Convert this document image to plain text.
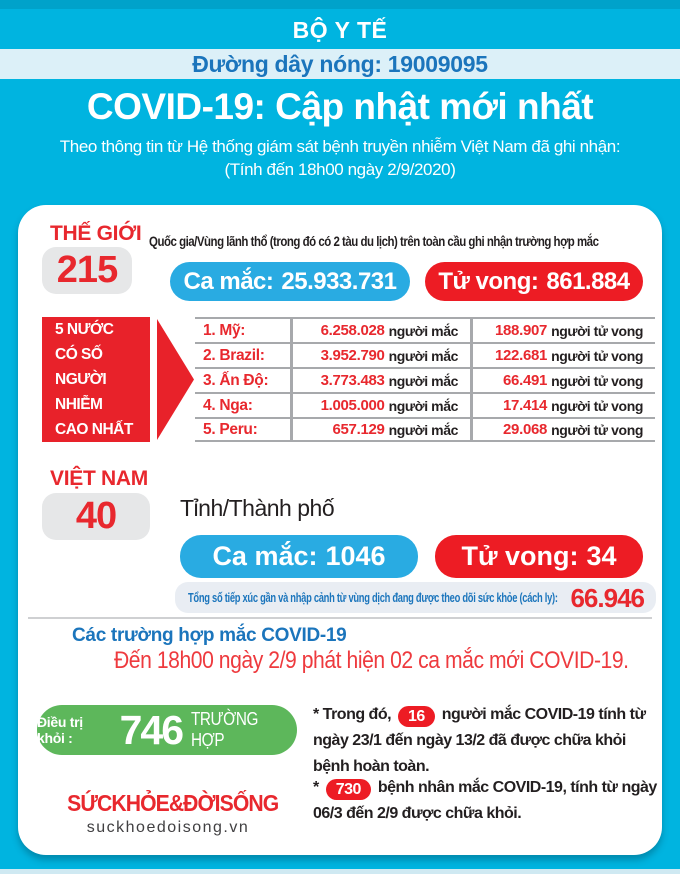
BỘ Y TẾ
Đường dây nóng: 19009095
COVID-19: Cập nhật mới nhất
Theo thông tin từ Hệ thống giám sát bệnh truyền nhiễm Việt Nam đã ghi nhận:
(Tính đến 18h00 ngày 2/9/2020)
THẾ GIỚI
215
Quốc gia/Vùng lãnh thổ (trong đó có 2 tàu du lịch) trên toàn cầu ghi nhận trường hợp mắc
Ca mắc: 25.933.731 Tử vong: 861.884
5 NƯỚC
CÓ SỐ NGƯỜI
NHIỄM
CAO NHẤT
THẾ GIỚI
1. Mỹ:	6.258.028 người mắc 188.907 người tử vong
2. Brazil:	3.952.790 người mắc 122.681 người tử vong
3. Ấn Độ:	3.773.483 người mắc	66.491 người tử vong
4. Nga:	1.005.000 người mắc	17.414 người tử vong
5. Peru:	657.129 người mắc	29.068 người tử vong
VIỆT NAM
40	Tỉnh/Thành phố
Ca mắc: 1046	Tử vong: 34
Tổng số tiếp xúc gần và nhập cảnh từ vùng dịch đang được theo dõi sức khỏe (cách ly): 66.946
Các trường hợp mắc COVID-19
Đến 18h00 ngày 2/9 phát hiện 02 ca mắc mới COVID-19.
Điều trị khỏi :	746 TRƯỜNG HỢP
* Trong đó, 16 người mắc COVID-19 tính từ ngày 23/1 đến ngày 13/2 đã được chữa khỏi bệnh hoàn toàn.
* 730 bệnh nhân mắc COVID-19, tính từ ngày 06/3 đến 2/9 được chữa khỏi.
SỨCKHỎE&ĐỜISỐNG
suckhoedoisong.vn
